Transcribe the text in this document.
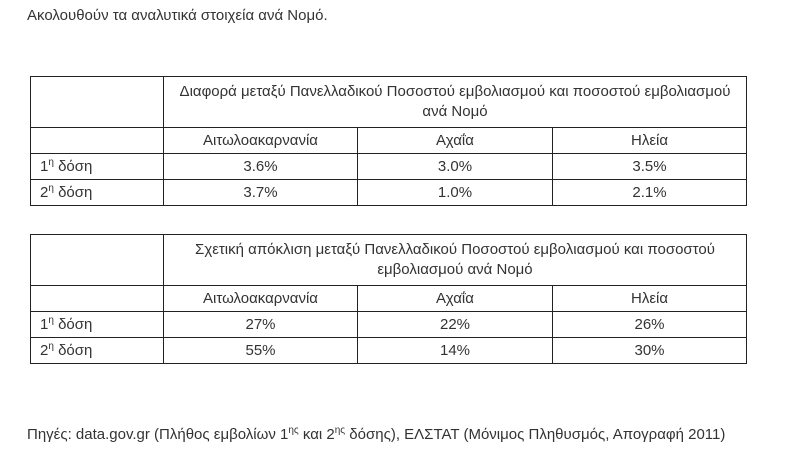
Ακολουθούν τα αναλυτικά στοιχεία ανά Νομό.

	Διαφορά μεταξύ Πανελλαδικού Ποσοστού εμβολιασμού και ποσοστού εμβολιασμού ανά Νομό		
	Αιτωλοακαρνανία	Αχαΐα	Ηλεία
$1^\eta$ δόση	3.6%	3.0%	3.5%
$2^\eta$ δόση	3.7%	1.0%	2.1%
	Σχετική απόκλιση μεταξύ Πανελλαδικού Ποσοστού εμβολιασμού και ποσοστού εμβολιασμού ανά Νομό		
	Αιτωλοακαρνανία	Αχαΐα	Ηλεία
$1^\eta$ δόση	27%	22%	26%
$2^\eta$ δόση	55%	14%	30%

Πηγές: data.gov.gr (Πλήθος εμβολίων $1^{\eta\varsigma}$ και $2^{\eta\varsigma}$ δόσης), ΕΛΣΤΑΤ (Μόνιμος Πληθυσμός, Απογραφή 2011)
